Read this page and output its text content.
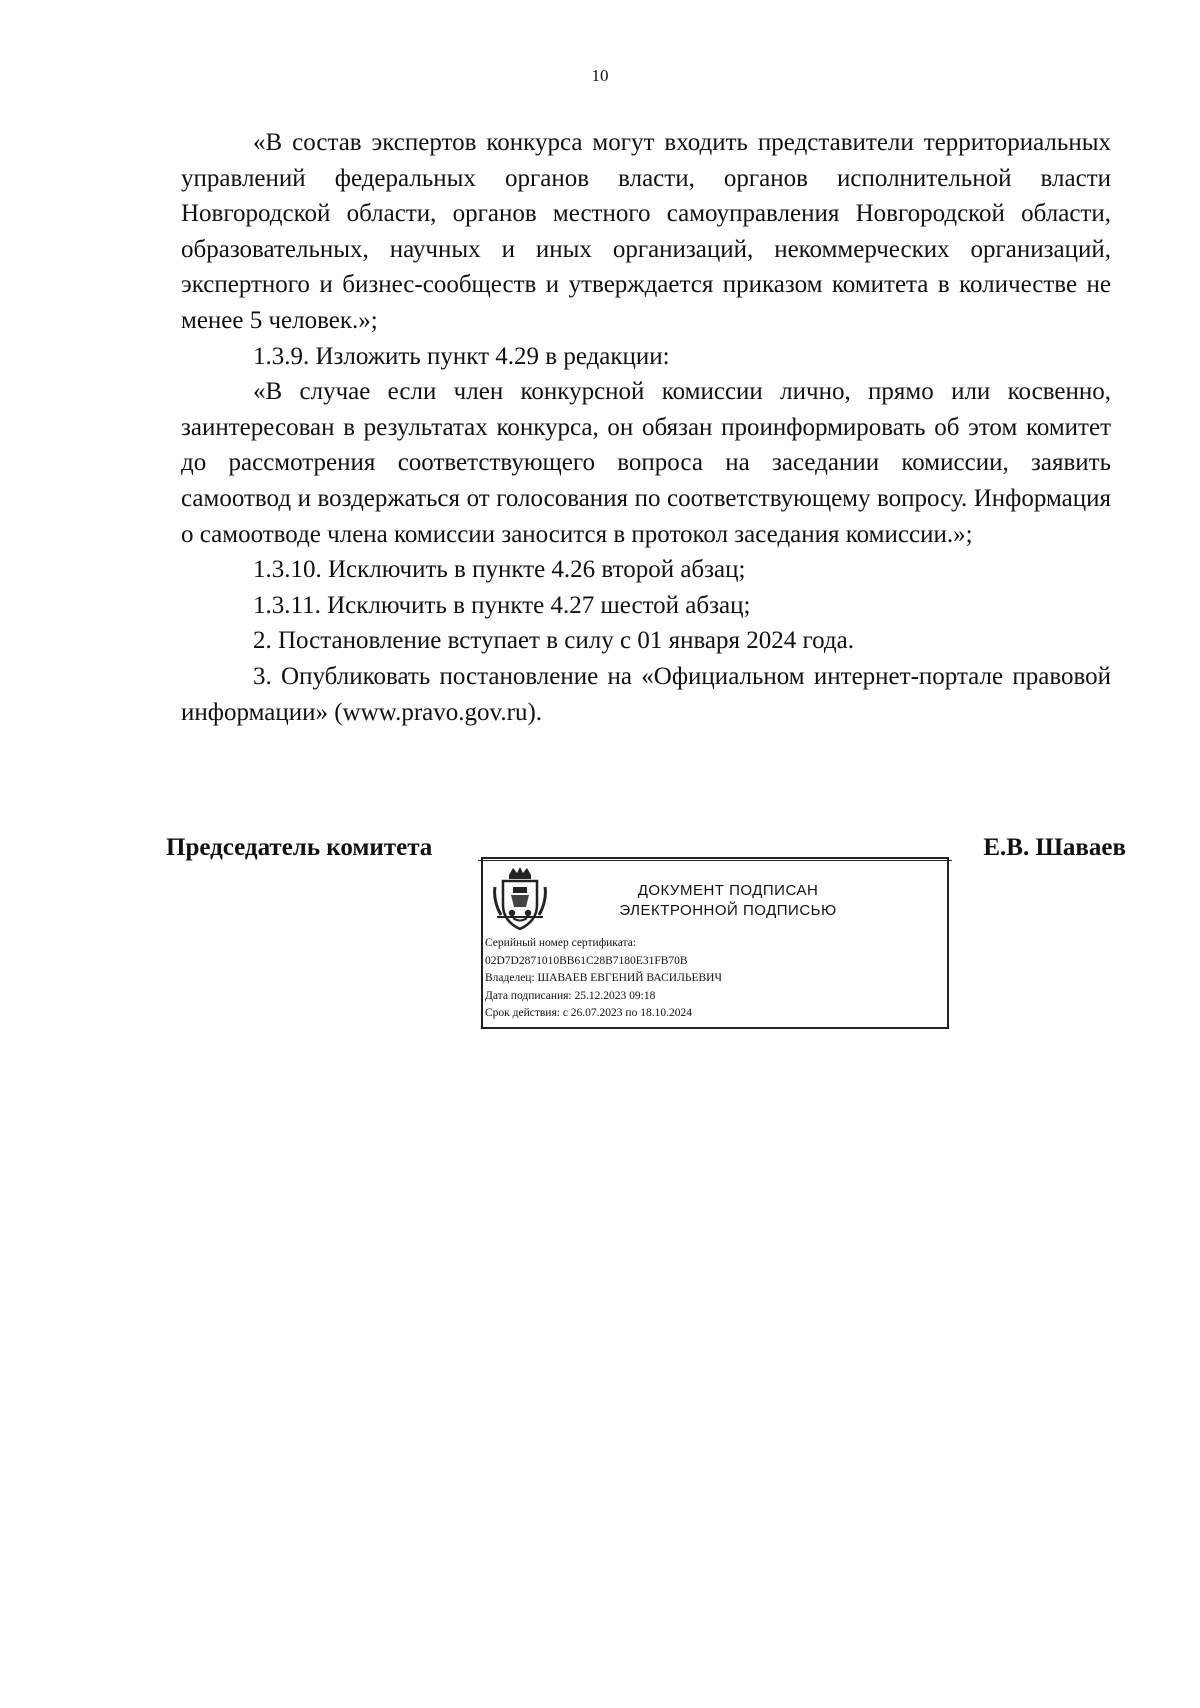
10

«В состав экспертов конкурса могут входить представители территориальных управлений федеральных органов власти, органов исполнительной власти Новгородской области, органов местного самоуправления Новгородской области, образовательных, научных и иных организаций, некоммерческих организаций, экспертного и бизнес-сообществ и утверждается приказом комитета в количестве не менее 5 человек.»;

1.3.9. Изложить пункт 4.29 в редакции:

«В случае если член конкурсной комиссии лично, прямо или косвенно, заинтересован в результатах конкурса, он обязан проинформировать об этом комитет до рассмотрения соответствующего вопроса на заседании комиссии, заявить самоотвод и воздержаться от голосования по соответствующему вопросу. Информация о самоотводе члена комиссии заносится в протокол заседания комиссии.»;

1.3.10. Исключить в пункте 4.26 второй абзац;

1.3.11. Исключить в пункте 4.27 шестой абзац;

2. Постановление вступает в силу с 01 января 2024 года.

3. Опубликовать постановление на «Официальном интернет-портале правовой информации» (www.pravo.gov.ru).

Председатель комитета	Е.В. Шаваев
ДОКУМЕНТ ПОДПИСАН
ЭЛЕКТРОННОЙ ПОДПИСЬЮ
Серийный номер сертификата:
02D7D2871010BB61C28B7180E31FB70B
Владелец: ШАВАЕВ ЕВГЕНИЙ ВАСИЛЬЕВИЧ
Дата подписания: 25.12.2023 09:18
Срок действия: с 26.07.2023 по 18.10.2024
